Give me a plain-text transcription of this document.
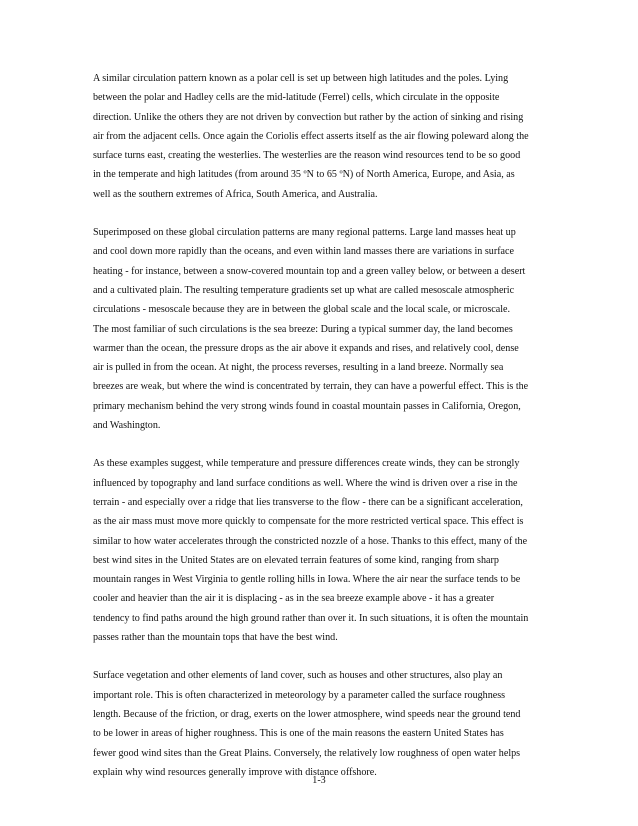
A similar circulation pattern known as a polar cell is set up between high latitudes and the poles. Lying
between the polar and Hadley cells are the mid-latitude (Ferrel) cells, which circulate in the opposite
direction. Unlike the others they are not driven by convection but rather by the action of sinking and rising
air from the adjacent cells. Once again the Coriolis effect asserts itself as the air flowing poleward along the
surface turns east, creating the westerlies. The westerlies are the reason wind resources tend to be so good
in the temperate and high latitudes (from around 35 ºN to 65 ºN) of North America, Europe, and Asia, as
well as the southern extremes of Africa, South America, and Australia.

Superimposed on these global circulation patterns are many regional patterns. Large land masses heat up
and cool down more rapidly than the oceans, and even within land masses there are variations in surface
heating - for instance, between a snow-covered mountain top and a green valley below, or between a desert
and a cultivated plain. The resulting temperature gradients set up what are called mesoscale atmospheric
circulations - mesoscale because they are in between the global scale and the local scale, or microscale.
The most familiar of such circulations is the sea breeze: During a typical summer day, the land becomes
warmer than the ocean, the pressure drops as the air above it expands and rises, and relatively cool, dense
air is pulled in from the ocean. At night, the process reverses, resulting in a land breeze. Normally sea
breezes are weak, but where the wind is concentrated by terrain, they can have a powerful effect. This is the
primary mechanism behind the very strong winds found in coastal mountain passes in California, Oregon,
and Washington.

As these examples suggest, while temperature and pressure differences create winds, they can be strongly
influenced by topography and land surface conditions as well. Where the wind is driven over a rise in the
terrain - and especially over a ridge that lies transverse to the flow - there can be a significant acceleration,
as the air mass must move more quickly to compensate for the more restricted vertical space. This effect is
similar to how water accelerates through the constricted nozzle of a hose. Thanks to this effect, many of the
best wind sites in the United States are on elevated terrain features of some kind, ranging from sharp
mountain ranges in West Virginia to gentle rolling hills in Iowa. Where the air near the surface tends to be
cooler and heavier than the air it is displacing - as in the sea breeze example above - it has a greater
tendency to find paths around the high ground rather than over it. In such situations, it is often the mountain
passes rather than the mountain tops that have the best wind.

Surface vegetation and other elements of land cover, such as houses and other structures, also play an
important role. This is often characterized in meteorology by a parameter called the surface roughness
length. Because of the friction, or drag, exerts on the lower atmosphere, wind speeds near the ground tend
to be lower in areas of higher roughness. This is one of the main reasons the eastern United States has
fewer good wind sites than the Great Plains. Conversely, the relatively low roughness of open water helps
explain why wind resources generally improve with distance offshore.

1-3
